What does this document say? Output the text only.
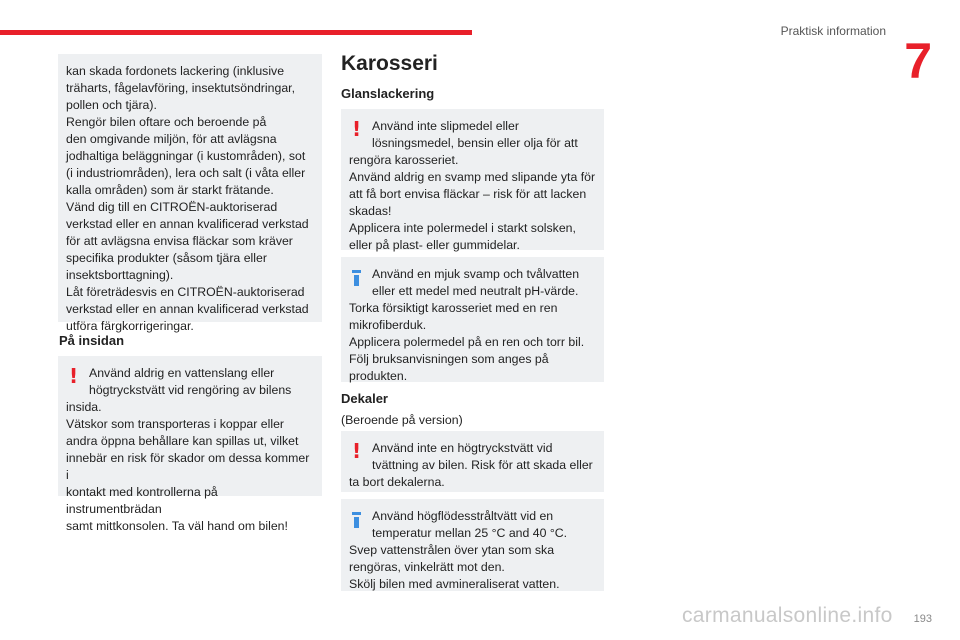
Praktisk information
7

kan skada fordonets lackering (inklusive
träharts, fågelavföring, insektutsöndringar,
pollen och tjära).
Rengör bilen oftare och beroende på
den omgivande miljön, för att avlägsna
jodhaltiga beläggningar (i kustområden), sot
(i industriområden), lera och salt (i våta eller
kalla områden) som är starkt frätande.
Vänd dig till en CITROËN-auktoriserad
verkstad eller en annan kvalificerad verkstad
för att avlägsna envisa fläckar som kräver
specifika produkter (såsom tjära eller
insektsborttagning).
Låt företrädesvis en CITROËN-auktoriserad
verkstad eller en annan kvalificerad verkstad
utföra färgkorrigeringar.

På insidan
! Använd aldrig en vattenslang eller
högtryckstvätt vid rengöring av bilens

insida.
Vätskor som transporteras i koppar eller
andra öppna behållare kan spillas ut, vilket
innebär en risk för skador om dessa kommer i
kontakt med kontrollerna på instrumentbrädan
samt mittkonsolen. Ta väl hand om bilen!

Karosseri
Glanslackering
! Använd inte slipmedel eller
lösningsmedel, bensin eller olja för att

rengöra karosseriet.
Använd aldrig en svamp med slipande yta för
att få bort envisa fläckar – risk för att lacken
skadas!
Applicera inte polermedel i starkt solsken,
eller på plast- eller gummidelar.

Använd en mjuk svamp och tvålvatten
eller ett medel med neutralt pH-värde.

Torka försiktigt karosseriet med en ren
mikrofiberduk.
Applicera polermedel på en ren och torr bil.
Följ bruksanvisningen som anges på
produkten.

Dekaler

(Beroende på version)

! Använd inte en högtryckstvätt vid
tvättning av bilen. Risk för att skada eller

ta bort dekalerna.

Använd högflödesstråltvätt vid en
temperatur mellan 25 °C and 40 °C.

Svep vattenstrålen över ytan som ska
rengöras, vinkelrätt mot den.
Skölj bilen med avmineraliserat vatten.

193
carmanualsonline.info
